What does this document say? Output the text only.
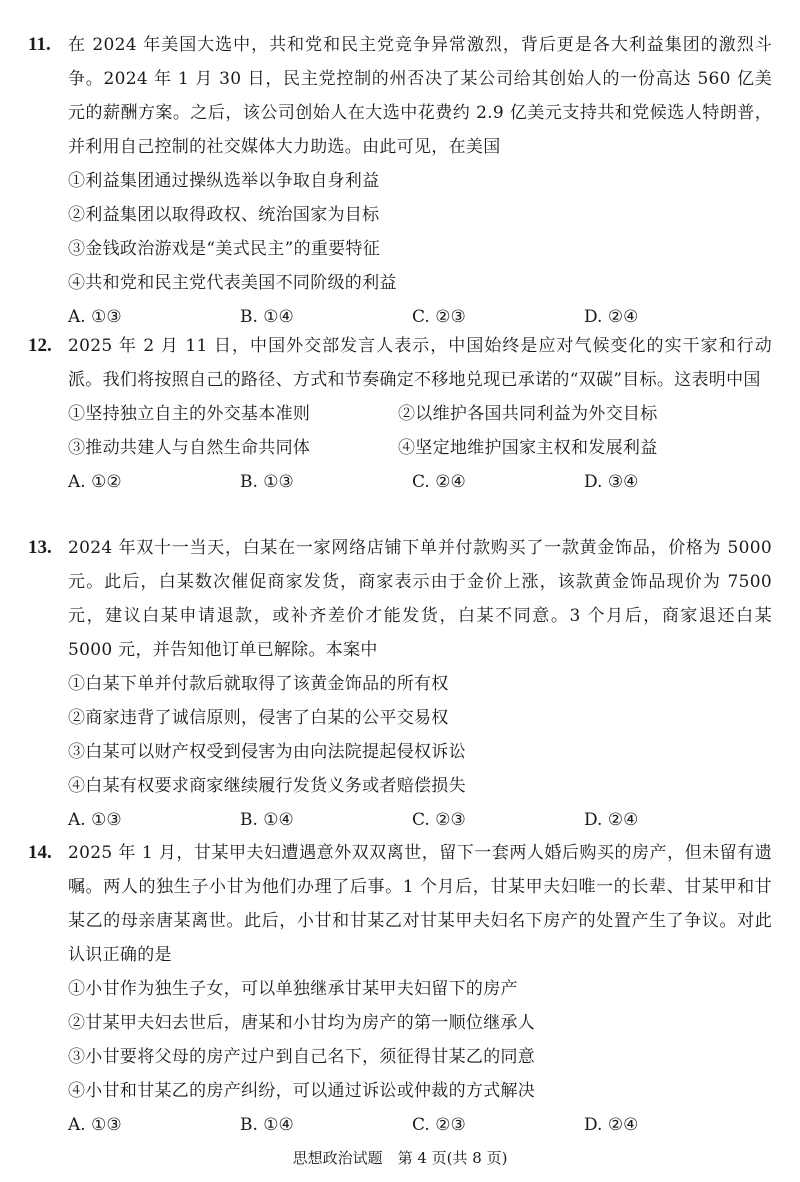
11. 在 2024 年美国大选中，共和党和民主党竞争异常激烈，背后更是各大利益集团的激烈斗争。2024 年 1 月 30 日，民主党控制的州否决了某公司给其创始人的一份高达 560 亿美元的薪酬方案。之后，该公司创始人在大选中花费约 2.9 亿美元支持共和党候选人特朗普，并利用自己控制的社交媒体大力助选。由此可见，在美国
①利益集团通过操纵选举以争取自身利益
②利益集团以取得政权、统治国家为目标
③金钱政治游戏是“美式民主”的重要特征
④共和党和民主党代表美国不同阶级的利益
A. ①③	B. ①④	C. ②③	D. ②④
12. 2025 年 2 月 11 日，中国外交部发言人表示，中国始终是应对气候变化的实干家和行动派。我们将按照自己的路径、方式和节奏确定不移地兑现已承诺的“双碳”目标。这表明中国
①坚持独立自主的外交基本准则	②以维护各国共同利益为外交目标
③推动共建人与自然生命共同体	④坚定地维护国家主权和发展利益
A. ①②	B. ①③	C. ②④	D. ③④
13. 2024 年双十一当天，白某在一家网络店铺下单并付款购买了一款黄金饰品，价格为 5000 元。此后，白某数次催促商家发货，商家表示由于金价上涨，该款黄金饰品现价为 7500 元，建议白某申请退款，或补齐差价才能发货，白某不同意。3 个月后，商家退还白某 5000 元，并告知他订单已解除。本案中
①白某下单并付款后就取得了该黄金饰品的所有权
②商家违背了诚信原则，侵害了白某的公平交易权
③白某可以财产权受到侵害为由向法院提起侵权诉讼
④白某有权要求商家继续履行发货义务或者赔偿损失
A. ①③	B. ①④	C. ②③	D. ②④
14. 2025 年 1 月，甘某甲夫妇遭遇意外双双离世，留下一套两人婚后购买的房产，但未留有遗嘱。两人的独生子小甘为他们办理了后事。1 个月后，甘某甲夫妇唯一的长辈、甘某甲和甘某乙的母亲唐某离世。此后，小甘和甘某乙对甘某甲夫妇名下房产的处置产生了争议。对此认识正确的是
①小甘作为独生子女，可以单独继承甘某甲夫妇留下的房产
②甘某甲夫妇去世后，唐某和小甘均为房产的第一顺位继承人
③小甘要将父母的房产过户到自己名下，须征得甘某乙的同意
④小甘和甘某乙的房产纠纷，可以通过诉讼或仲裁的方式解决
A. ①③	B. ①④	C. ②③	D. ②④
思想政治试题　第 4 页(共 8 页)
